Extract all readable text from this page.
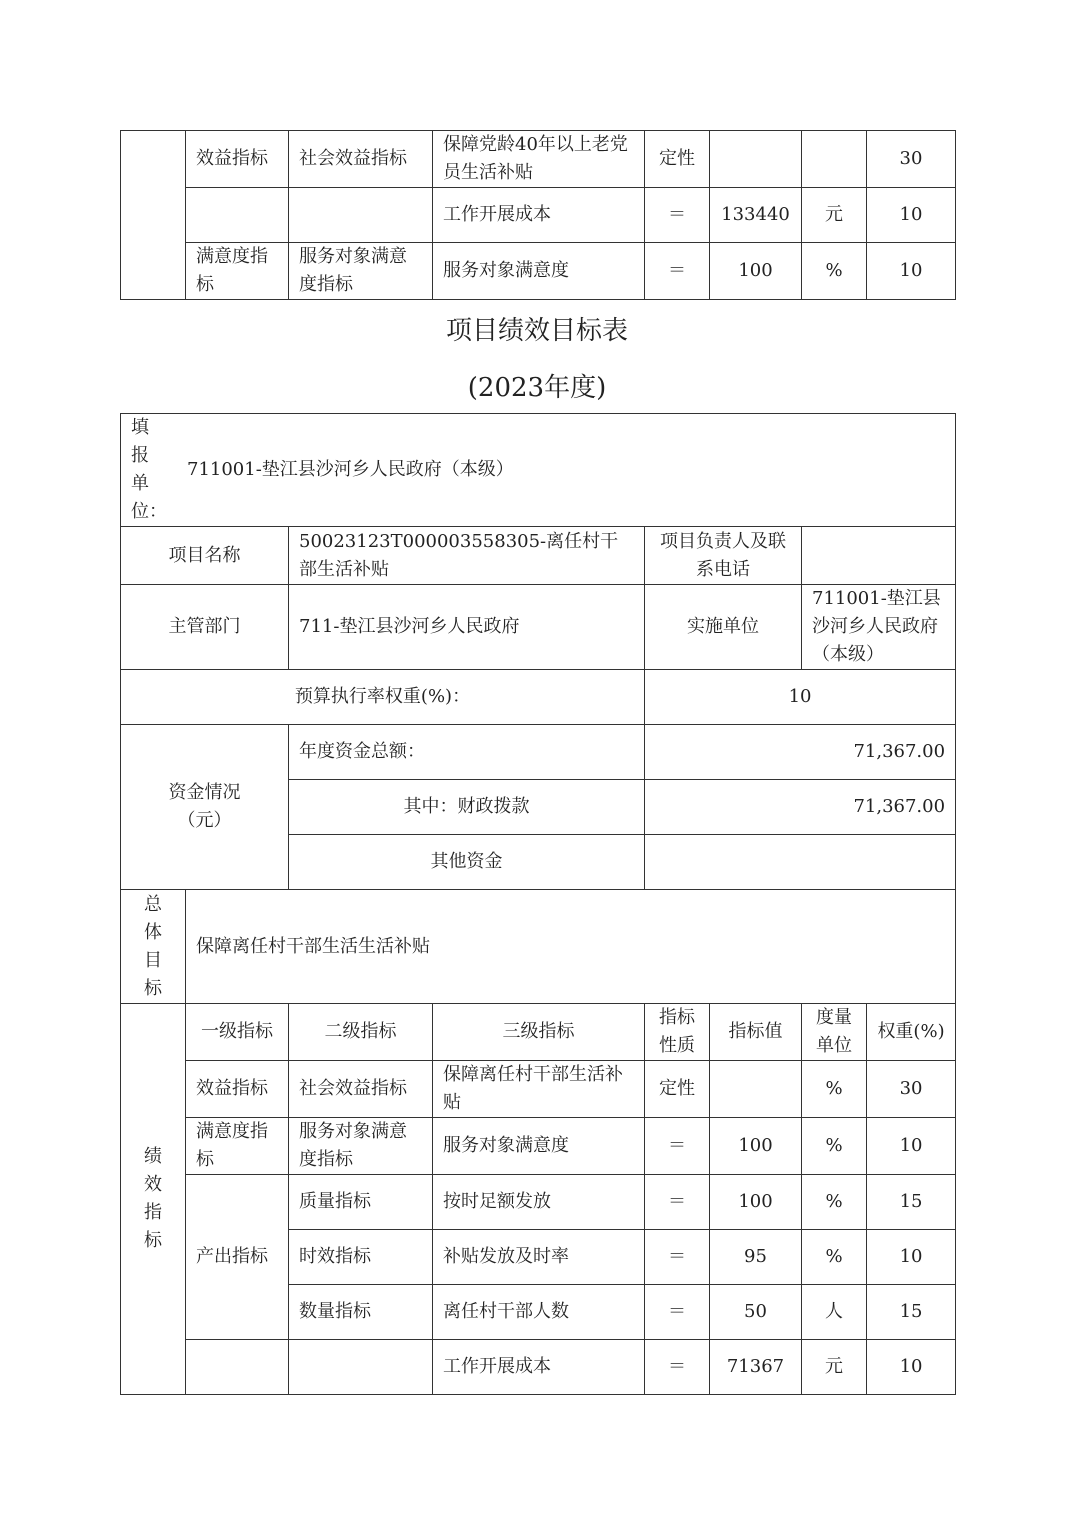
	效益指标	社会效益指标	保障党龄40年以上老党员生活补贴	定性			30
			工作开展成本	＝	133440	元	10
	满意度指标	服务对象满意度指标	服务对象满意度	＝	100	%	10
项目绩效目标表
(2023年度)
填报单位：
711001-垫江县沙河乡人民政府（本级）							

项目名称		50023123T000003558305-离任村干部生活补贴		项目负责人及联系电话			
主管部门		711-垫江县沙河乡人民政府		实施单位		711001-垫江县沙河乡人民政府（本级）	
预算执行率权重(%)：				10			

资金情况（元）		年度资金总额：		71,367.00			
		其中：财政拨款		71,367.00			
		其他资金					

总体目标	保障离任村干部生活生活补贴						

绩效指标	一级指标	二级指标	三级指标	指标性质	指标值	度量单位	权重(%)
	效益指标	社会效益指标	保障离任村干部生活补贴	定性		%	30
	满意度指标	服务对象满意度指标	服务对象满意度	＝	100	%	10
	产出指标	质量指标	按时足额发放	＝	100	%	15
		时效指标	补贴发放及时率	＝	95	%	10
		数量指标	离任村干部人数	＝	50	人	15
			工作开展成本	＝	71367	元	10
